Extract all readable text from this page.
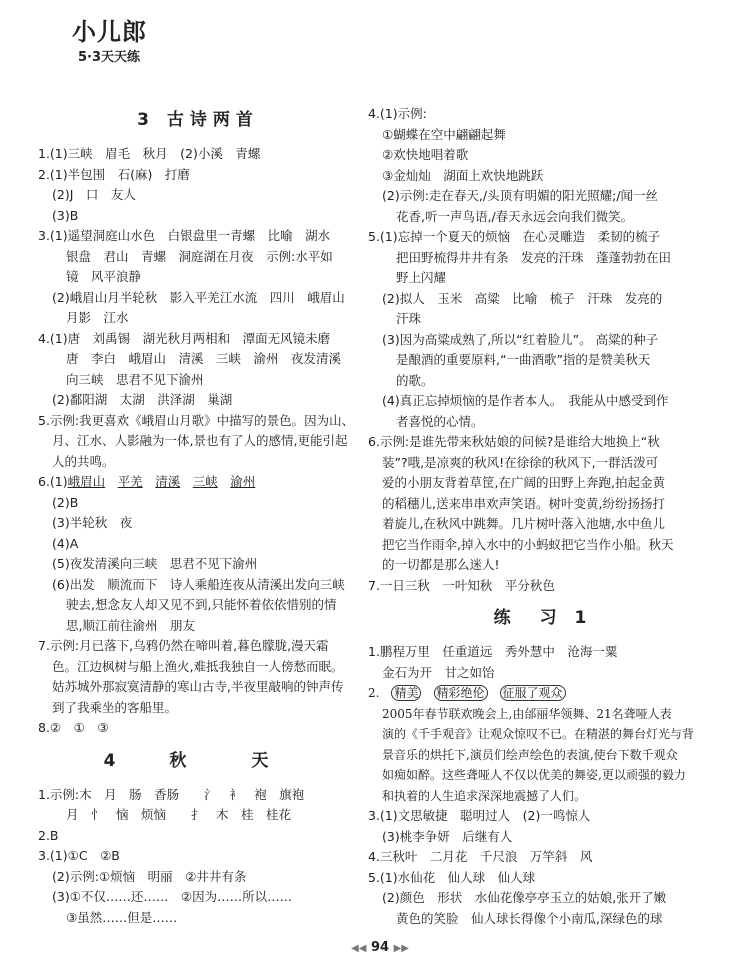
小儿郎
5·3天天练
3 古诗两首

1.(1)三峡　眉毛　秋月　(2)小溪　青螺

2.(1)半包围　石(麻)　打磨

(2)J　口　友人

(3)B

3.(1)遥望洞庭山水色　白银盘里一青螺　比喻　湖水

银盘　君山　青螺　洞庭湖在月夜　示例:水平如

镜　风平浪静

(2)峨眉山月半轮秋　影入平羌江水流　四川　峨眉山

月影　江水

4.(1)唐　刘禹锡　湖光秋月两相和　潭面无风镜未磨

唐　李白　峨眉山　清溪　三峡　渝州　夜发清溪

向三峡　思君不见下渝州

(2)鄱阳湖　太湖　洪泽湖　巢湖

5.示例:我更喜欢《峨眉山月歌》中描写的景色。因为山、

月、江水、人影融为一体,景也有了人的感情,更能引起

人的共鸣。

6.(1)峨眉山　 平羌　 清溪　 三峡　 渝州

(2)B

(3)半轮秋　夜

(4)A

(5)夜发清溪向三峡　思君不见下渝州

(6)出发　顺流而下　诗人乘船连夜从清溪出发向三峡

驶去,想念友人却又见不到,只能怀着依依惜别的情

思,顺江前往渝州　朋友

7.示例:月已落下,乌鸦仍然在啼叫着,暮色朦胧,漫天霜

色。江边枫树与船上渔火,难抵我独自一人傍愁而眠。

姑苏城外那寂寞清静的寒山古寺,半夜里敲响的钟声传

到了我乘坐的客船里。

8.②　①　③

4 秋　天

1.示例:木　月　肠　香肠　　氵　衤　袍　旗袍

月　忄　恼　烦恼　　扌　木　桂　桂花

2.B

3.(1)①C　②B

(2)示例:①烦恼　明丽　②井井有条

(3)①不仅……还……　②因为……所以……

③虽然……但是……

4.(1)示例:

①蝴蝶在空中翩翩起舞

②欢快地唱着歌

③金灿灿　湖面上欢快地跳跃

(2)示例:走在春天,/头顶有明媚的阳光照耀;/闻一丝

花香,听一声鸟语,/春天永远会向我们微笑。

5.(1)忘掉一个夏天的烦恼　在心灵雕造　柔韧的梳子

把田野梳得井井有条　发亮的汗珠　蓬蓬勃勃在田

野上闪耀

(2)拟人　玉米　高粱　比喻　梳子　汗珠　发亮的

汗珠

(3)因为高粱成熟了,所以“红着脸儿”。 高粱的种子

是酿酒的重要原料,“一曲酒歌”指的是赞美秋天

的歌。

(4)真正忘掉烦恼的是作者本人。　我能从中感受到作

者喜悦的心情。

6.示例:是谁先带来秋姑娘的问候?是谁给大地换上“秋

装”?哦,是凉爽的秋风!在徐徐的秋风下,一群活泼可

爱的小朋友背着草筐,在广阔的田野上奔跑,拍起金黄

的稻穗儿,送来串串欢声笑语。树叶变黄,纷纷扬扬打

着旋儿,在秋风中跳舞。几片树叶落入池塘,水中鱼儿

把它当作雨伞,掉入水中的小蚂蚁把它当作小船。秋天

的一切都是那么迷人!

7.一日三秋　一叶知秋　平分秋色

练　习 1

1.鹏程万里　任重道远　秀外慧中　沧海一粟

金石为开　甘之如饴

2.　 精美　 精彩绝伦　 征服了观众

2005年春节联欢晚会上,由邰丽华领舞、21名聋哑人表

演的《千手观音》让观众惊叹不已。在精湛的舞台灯光与背

景音乐的烘托下,演员们绘声绘色的表演,使台下数千观众

如痴如醉。这些聋哑人不仅以优美的舞姿,更以顽强的毅力

和执着的人生追求深深地震撼了人们。

3.(1)文思敏捷　聪明过人　(2)一鸣惊人

(3)桃李争妍　后继有人

4.三秋叶　二月花　千尺浪　万竿斜　风

5.(1)水仙花　仙人球　仙人球

(2)颜色　形状　水仙花像亭亭玉立的姑娘,张开了嫩

黄色的笑脸　仙人球长得像个小南瓜,深绿色的球

◀◀ 94 ▶▶
